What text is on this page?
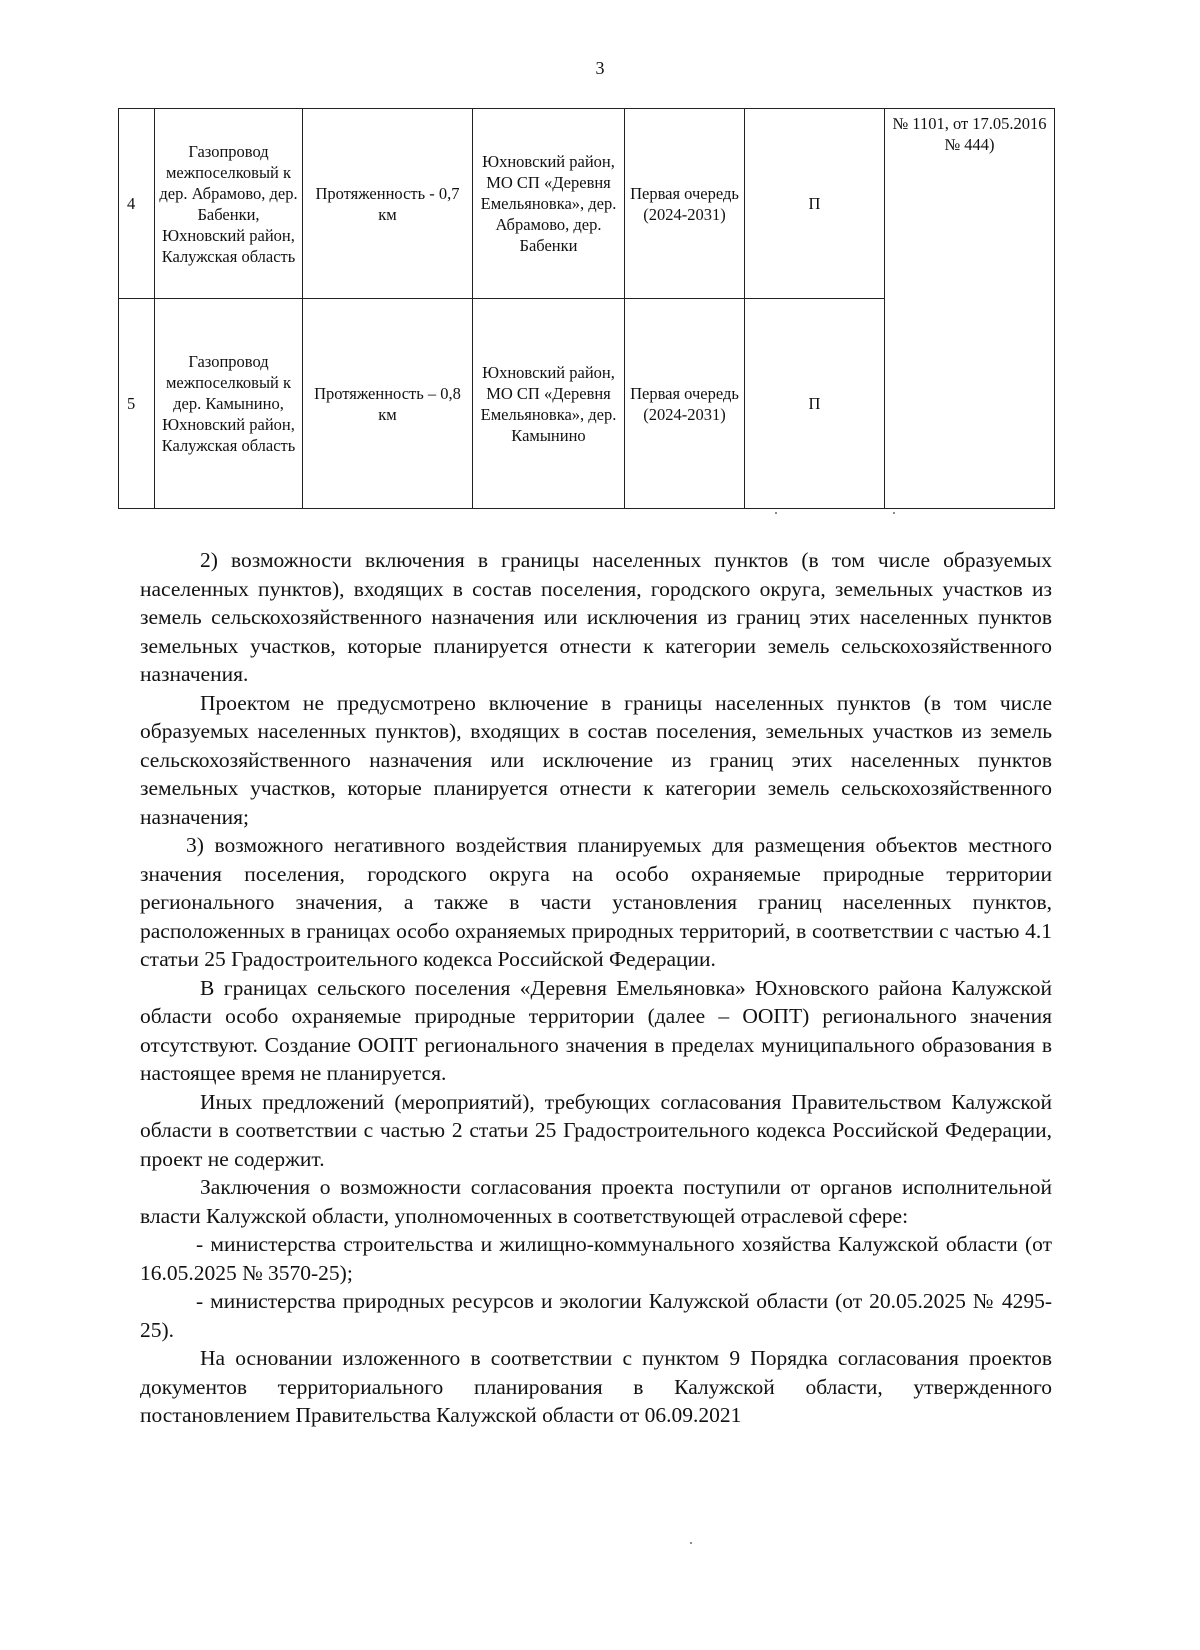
3
4	Газопровод межпоселковый к дер. Абрамово, дер. Бабенки, Юхновский район, Калужская область	Протяженность - 0,7 км	Юхновский район, МО СП «Деревня Емельяновка», дер. Абрамово, дер. Бабенки	Первая очередь (2024-2031)	П	№ 1101, от 17.05.2016 № 444)
5	Газопровод межпоселковый к дер. Камынино, Юхновский район, Калужская область	Протяженность – 0,8 км	Юхновский район, МО СП «Деревня Емельяновка», дер. Камынино	Первая очередь (2024-2031)	П	

2) возможности включения в границы населенных пунктов (в том числе образуемых населенных пунктов), входящих в состав поселения, городского округа, земельных участков из земель сельскохозяйственного назначения или исключения из границ этих населенных пунктов земельных участков, которые планируется отнести к категории земель сельскохозяйственного назначения.

Проектом не предусмотрено включение в границы населенных пунктов (в том числе образуемых населенных пунктов), входящих в состав поселения, земельных участков из земель сельскохозяйственного назначения или исключение из границ этих населенных пунктов земельных участков, которые планируется отнести к категории земель сельскохозяйственного назначения;

3) возможного негативного воздействия планируемых для размещения объектов местного значения поселения, городского округа на особо охраняемые природные территории регионального значения, а также в части установления границ населенных пунктов, расположенных в границах особо охраняемых природных территорий, в соответствии с частью 4.1 статьи 25 Градостроительного кодекса Российской Федерации.

В границах сельского поселения «Деревня Емельяновка» Юхновского района Калужской области особо охраняемые природные территории (далее – ООПТ) регионального значения отсутствуют. Создание ООПТ регионального значения в пределах муниципального образования в настоящее время не планируется.

Иных предложений (мероприятий), требующих согласования Правительством Калужской области в соответствии с частью 2 статьи 25 Градостроительного кодекса Российской Федерации, проект не содержит.

Заключения о возможности согласования проекта поступили от органов исполнительной власти Калужской области, уполномоченных в соответствующей отраслевой сфере:

- министерства строительства и жилищно-коммунального хозяйства Калужской области (от 16.05.2025 № 3570-25);

- министерства природных ресурсов и экологии Калужской области (от 20.05.2025 № 4295-25).

На основании изложенного в соответствии с пунктом 9 Порядка согласования проектов документов территориального планирования в Калужской области, утвержденного постановлением Правительства Калужской области от 06.09.2021
